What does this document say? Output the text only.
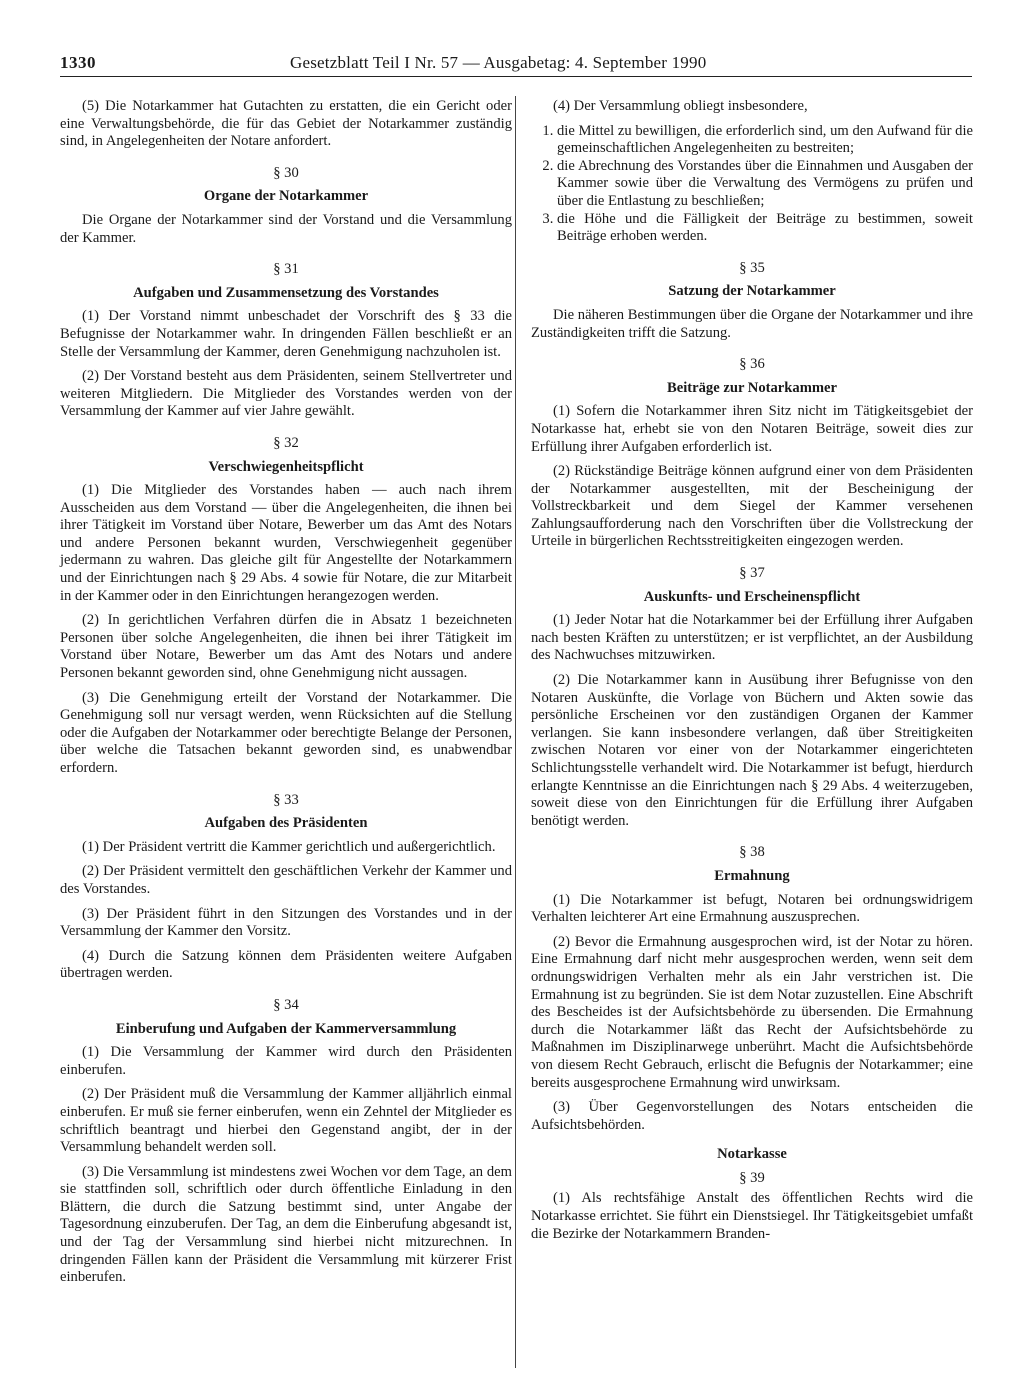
1330	Gesetzblatt Teil I Nr. 57 — Ausgabetag: 4. September 1990

(5) Die Notarkammer hat Gutachten zu erstatten, die ein Gericht oder eine Verwaltungsbehörde, die für das Gebiet der Notarkammer zuständig sind, in Angelegenheiten der Notare anfordert.

§ 30
Organe der Notarkammer

Die Organe der Notarkammer sind der Vorstand und die Versammlung der Kammer.

§ 31
Aufgaben und Zusammensetzung des Vorstandes

(1) Der Vorstand nimmt unbeschadet der Vorschrift des § 33 die Befugnisse der Notarkammer wahr. In dringenden Fällen beschließt er an Stelle der Versammlung der Kammer, deren Genehmigung nachzuholen ist.

(2) Der Vorstand besteht aus dem Präsidenten, seinem Stellvertreter und weiteren Mitgliedern. Die Mitglieder des Vorstandes werden von der Versammlung der Kammer auf vier Jahre gewählt.

§ 32
Verschwiegenheitspflicht

(1) Die Mitglieder des Vorstandes haben — auch nach ihrem Ausscheiden aus dem Vorstand — über die Angelegenheiten, die ihnen bei ihrer Tätigkeit im Vorstand über Notare, Bewerber um das Amt des Notars und andere Personen bekannt wurden, Verschwiegenheit gegenüber jedermann zu wahren. Das gleiche gilt für Angestellte der Notarkammern und der Einrichtungen nach § 29 Abs. 4 sowie für Notare, die zur Mitarbeit in der Kammer oder in den Einrichtungen herangezogen werden.

(2) In gerichtlichen Verfahren dürfen die in Absatz 1 bezeichneten Personen über solche Angelegenheiten, die ihnen bei ihrer Tätigkeit im Vorstand über Notare, Bewerber um das Amt des Notars und andere Personen bekannt geworden sind, ohne Genehmigung nicht aussagen.

(3) Die Genehmigung erteilt der Vorstand der Notarkammer. Die Genehmigung soll nur versagt werden, wenn Rücksichten auf die Stellung oder die Aufgaben der Notarkammer oder berechtigte Belange der Personen, über welche die Tatsachen bekannt geworden sind, es unabwendbar erfordern.

§ 33
Aufgaben des Präsidenten

(1) Der Präsident vertritt die Kammer gerichtlich und außergerichtlich.

(2) Der Präsident vermittelt den geschäftlichen Verkehr der Kammer und des Vorstandes.

(3) Der Präsident führt in den Sitzungen des Vorstandes und in der Versammlung der Kammer den Vorsitz.

(4) Durch die Satzung können dem Präsidenten weitere Aufgaben übertragen werden.

§ 34
Einberufung und Aufgaben der Kammerversammlung

(1) Die Versammlung der Kammer wird durch den Präsidenten einberufen.

(2) Der Präsident muß die Versammlung der Kammer alljährlich einmal einberufen. Er muß sie ferner einberufen, wenn ein Zehntel der Mitglieder es schriftlich beantragt und hierbei den Gegenstand angibt, der in der Versammlung behandelt werden soll.

(3) Die Versammlung ist mindestens zwei Wochen vor dem Tage, an dem sie stattfinden soll, schriftlich oder durch öffentliche Einladung in den Blättern, die durch die Satzung bestimmt sind, unter Angabe der Tagesordnung einzuberufen. Der Tag, an dem die Einberufung abgesandt ist, und der Tag der Versammlung sind hierbei nicht mitzurechnen. In dringenden Fällen kann der Präsident die Versammlung mit kürzerer Frist einberufen.

(4) Der Versammlung obliegt insbesondere,

1. die Mittel zu bewilligen, die erforderlich sind, um den Aufwand für die gemeinschaftlichen Angelegenheiten zu bestreiten;
2. die Abrechnung des Vorstandes über die Einnahmen und Ausgaben der Kammer sowie über die Verwaltung des Vermögens zu prüfen und über die Entlastung zu beschließen;
3. die Höhe und die Fälligkeit der Beiträge zu bestimmen, soweit Beiträge erhoben werden.
§ 35
Satzung der Notarkammer

Die näheren Bestimmungen über die Organe der Notarkammer und ihre Zuständigkeiten trifft die Satzung.

§ 36
Beiträge zur Notarkammer

(1) Sofern die Notarkammer ihren Sitz nicht im Tätigkeitsgebiet der Notarkasse hat, erhebt sie von den Notaren Beiträge, soweit dies zur Erfüllung ihrer Aufgaben erforderlich ist.

(2) Rückständige Beiträge können aufgrund einer von dem Präsidenten der Notarkammer ausgestellten, mit der Bescheinigung der Vollstreckbarkeit und dem Siegel der Kammer versehenen Zahlungsaufforderung nach den Vorschriften über die Vollstreckung der Urteile in bürgerlichen Rechtsstreitigkeiten eingezogen werden.

§ 37
Auskunfts- und Erscheinenspflicht

(1) Jeder Notar hat die Notarkammer bei der Erfüllung ihrer Aufgaben nach besten Kräften zu unterstützen; er ist verpflichtet, an der Ausbildung des Nachwuchses mitzuwirken.

(2) Die Notarkammer kann in Ausübung ihrer Befugnisse von den Notaren Auskünfte, die Vorlage von Büchern und Akten sowie das persönliche Erscheinen vor den zuständigen Organen der Kammer verlangen. Sie kann insbesondere verlangen, daß über Streitigkeiten zwischen Notaren vor einer von der Notarkammer eingerichteten Schlichtungsstelle verhandelt wird. Die Notarkammer ist befugt, hierdurch erlangte Kenntnisse an die Einrichtungen nach § 29 Abs. 4 weiterzugeben, soweit diese von den Einrichtungen für die Erfüllung ihrer Aufgaben benötigt werden.

§ 38
Ermahnung

(1) Die Notarkammer ist befugt, Notaren bei ordnungswidrigem Verhalten leichterer Art eine Ermahnung auszusprechen.

(2) Bevor die Ermahnung ausgesprochen wird, ist der Notar zu hören. Eine Ermahnung darf nicht mehr ausgesprochen werden, wenn seit dem ordnungswidrigen Verhalten mehr als ein Jahr verstrichen ist. Die Ermahnung ist zu begründen. Sie ist dem Notar zuzustellen. Eine Abschrift des Bescheides ist der Aufsichtsbehörde zu übersenden. Die Ermahnung durch die Notarkammer läßt das Recht der Aufsichtsbehörde zu Maßnahmen im Disziplinarwege unberührt. Macht die Aufsichtsbehörde von diesem Recht Gebrauch, erlischt die Befugnis der Notarkammer; eine bereits ausgesprochene Ermahnung wird unwirksam.

(3) Über Gegenvorstellungen des Notars entscheiden die Aufsichtsbehörden.

Notarkasse
§ 39

(1) Als rechtsfähige Anstalt des öffentlichen Rechts wird die Notarkasse errichtet. Sie führt ein Dienstsiegel. Ihr Tätigkeitsgebiet umfaßt die Bezirke der Notarkammern Branden-
